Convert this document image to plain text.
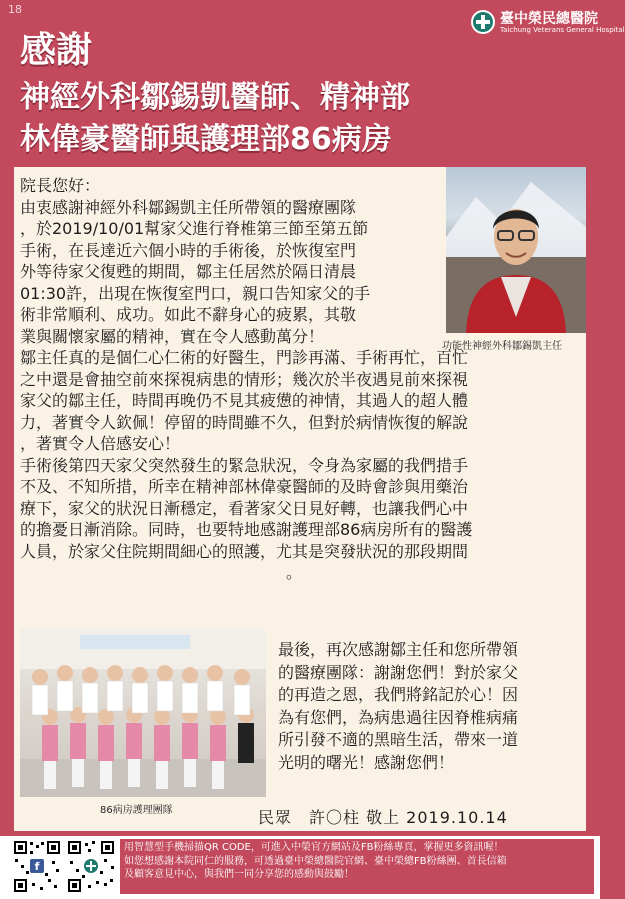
18
臺中榮民總醫院
Taichung Veterans General Hospital
感謝
神經外科鄒錫凱醫師、精神部
林偉豪醫師與護理部86病房
院長您好：
由衷感謝神經外科鄒錫凱主任所帶領的醫療團隊
，於2019/10/01幫家父進行脊椎第三節至第五節
手術，在長達近六個小時的手術後，於恢復室門
外等待家父復甦的期間，鄒主任居然於隔日清晨
01:30許，出現在恢復室門口，親口告知家父的手
術非常順利、成功。如此不辭身心的疲累，其敬
業與關懷家屬的精神，實在令人感動萬分！
鄒主任真的是個仁心仁術的好醫生，門診再滿、手術再忙，百忙
之中還是會抽空前來探視病患的情形；幾次於半夜遇見前來探視
家父的鄒主任，時間再晚仍不見其疲憊的神情，其過人的超人體
力，著實令人欽佩！停留的時間雖不久，但對於病情恢復的解說
，著實令人倍感安心！
手術後第四天家父突然發生的緊急狀況，令身為家屬的我們措手
不及、不知所措，所幸在精神部林偉豪醫師的及時會診與用藥治
療下，家父的狀況日漸穩定，看著家父日見好轉，也讓我們心中
的擔憂日漸消除。同時，也要特地感謝護理部86病房所有的醫護
人員，於家父住院期間細心的照護，尤其是突發狀況的那段期間
。
功能性神經外科鄒錫凱主任
86病房護理團隊
最後，再次感謝鄒主任和您所帶領
的醫療團隊：謝謝您們！對於家父
的再造之恩，我們將銘記於心！因
為有您們，為病患過往因脊椎病痛
所引發不適的黑暗生活，帶來一道
光明的曙光！感謝您們！
民眾　許〇柱 敬上 2019.10.14
f
用智慧型手機掃描QR CODE，可進入中榮官方網站及FB粉絲專頁，掌握更多資訊喔！
如您想感謝本院同仁的服務，可透過臺中榮總醫院官網、臺中榮總FB粉絲團、首長信箱
及顧客意見中心，與我們一同分享您的感動與鼓勵！
